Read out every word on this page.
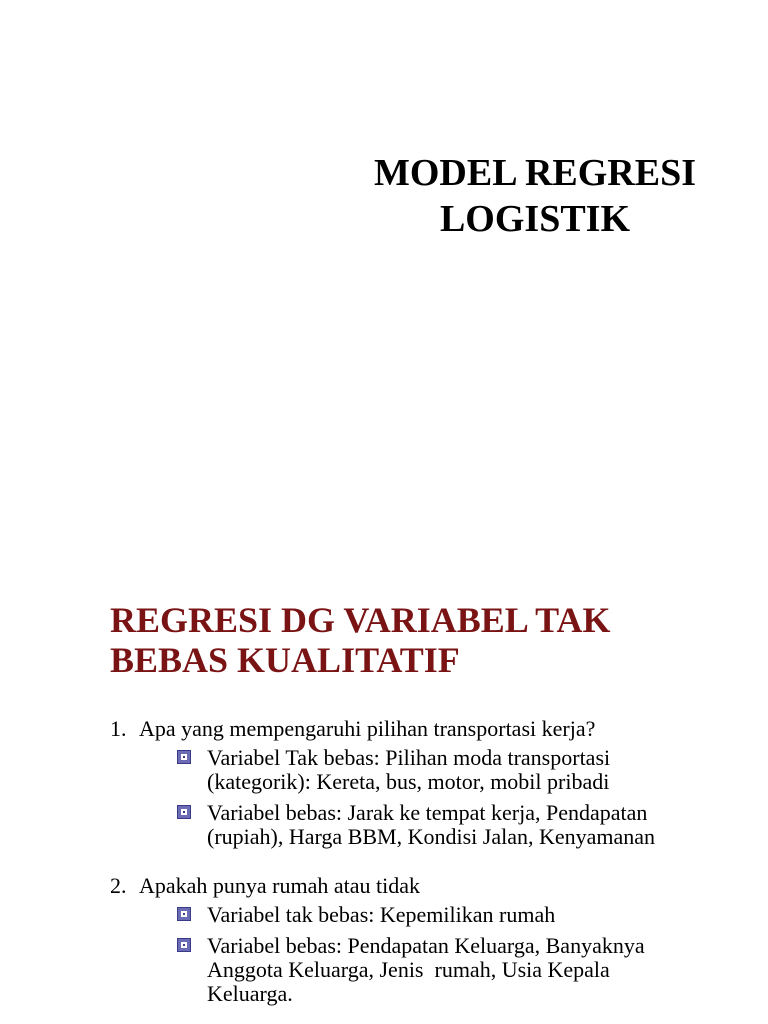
MODEL REGRESI
LOGISTIK
REGRESI DG VARIABEL TAK
BEBAS KUALITATIF
1. Apa yang mempengaruhi pilihan transportasi kerja?
Variabel Tak bebas: Pilihan moda transportasi
(kategorik): Kereta, bus, motor, mobil pribadi
Variabel bebas: Jarak ke tempat kerja, Pendapatan
(rupiah), Harga BBM, Kondisi Jalan, Kenyamanan
2. Apakah punya rumah atau tidak
Variabel tak bebas: Kepemilikan rumah
Variabel bebas: Pendapatan Keluarga, Banyaknya
Anggota Keluarga, Jenis  rumah, Usia Kepala
Keluarga.
